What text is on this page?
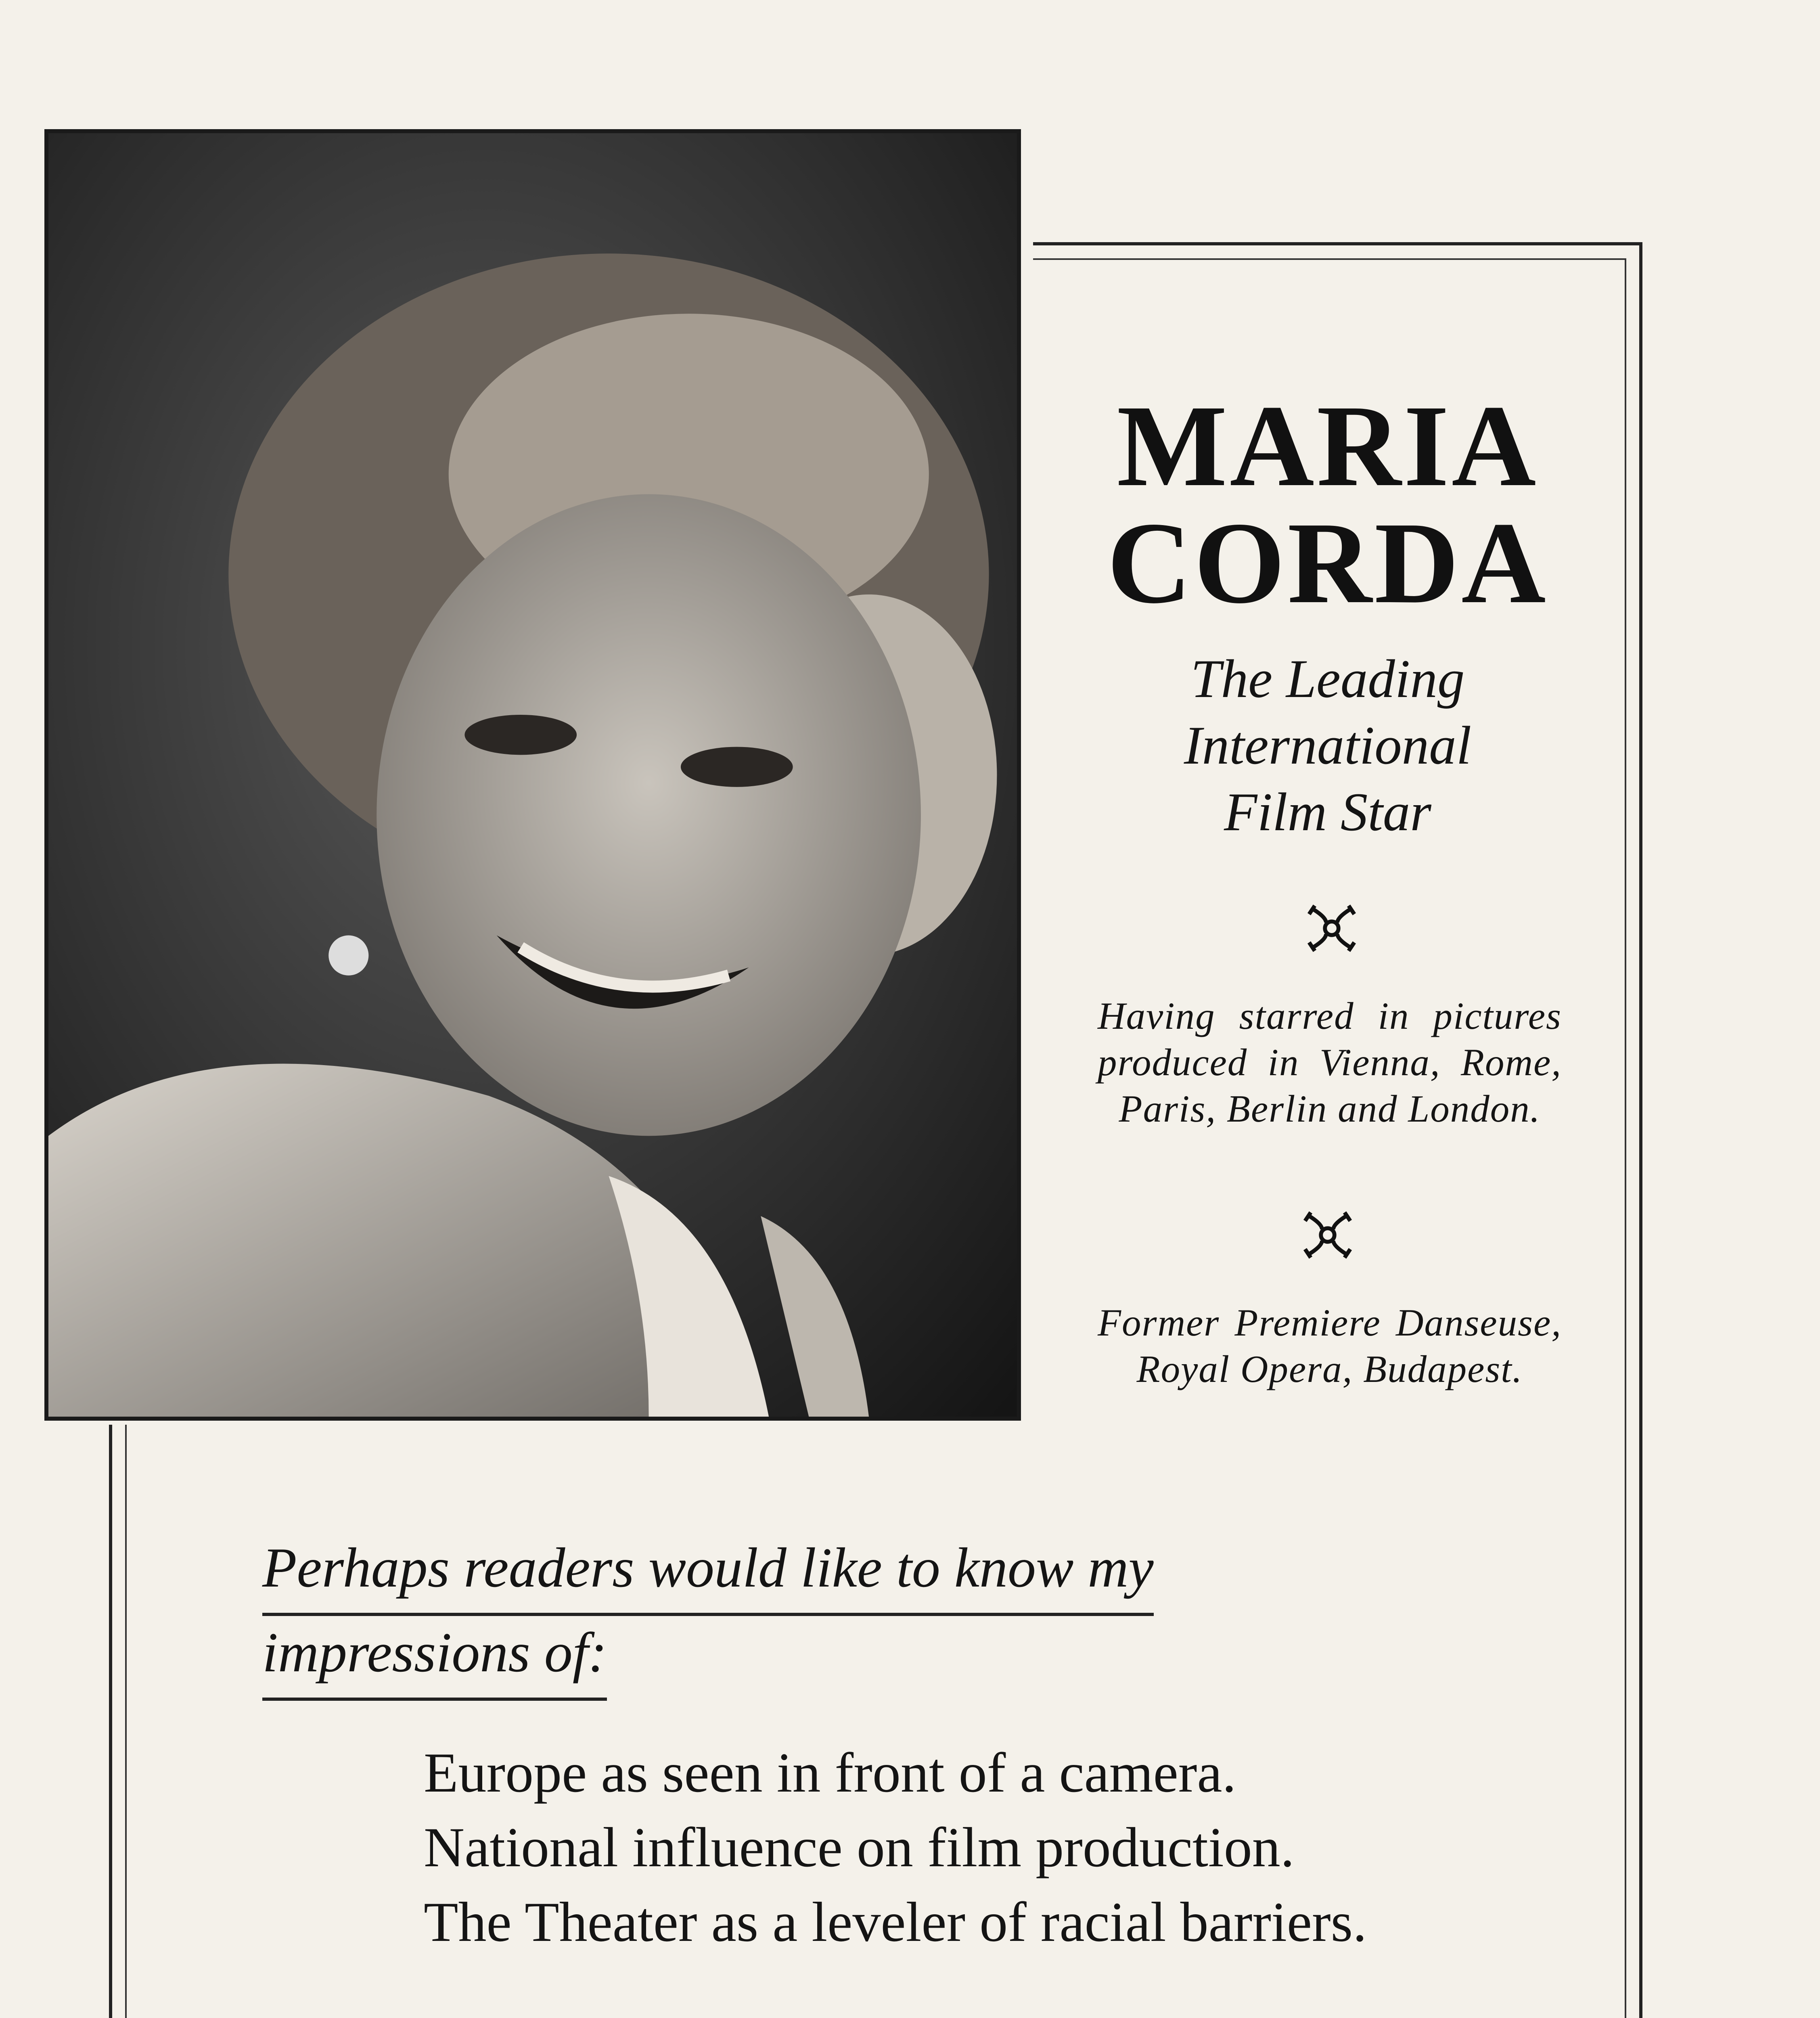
MARIA
CORDA
The Leading
International
Film Star
Having starred in pictures produced in Vienna, Rome, Paris, Berlin and London.
Former Premiere Danseuse, Royal Opera, Budapest.
Perhaps readers would like to know my
impressions of:
Europe as seen in front of a camera.
National influence on film production.
The Theater as a leveler of racial barriers.
